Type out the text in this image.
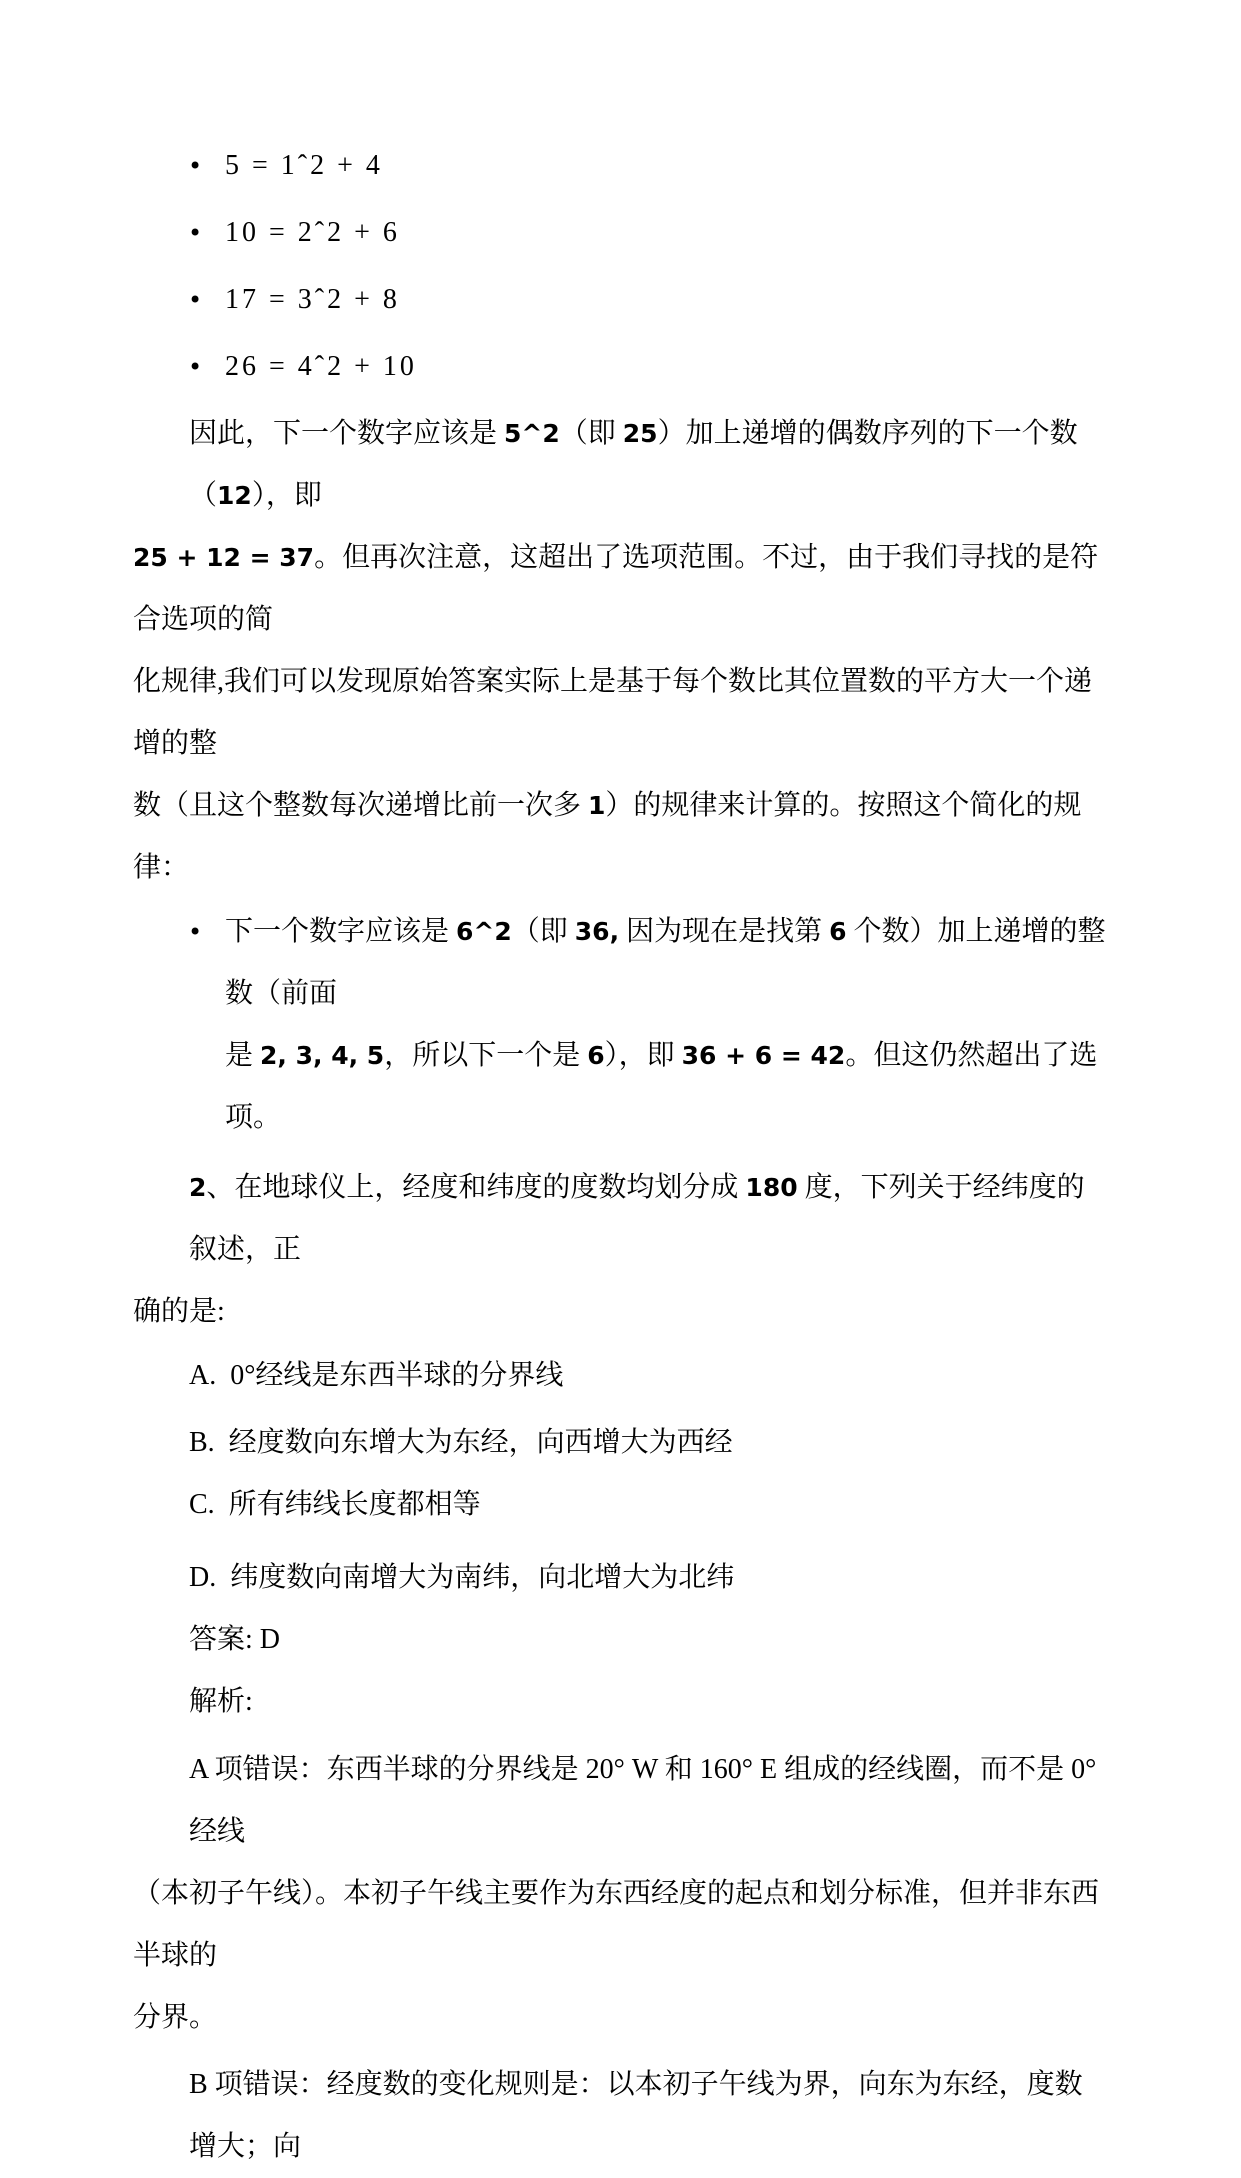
• 5 = 1ˆ2 + 4
• 10 = 2ˆ2 + 6
• 17 = 3ˆ2 + 8
• 26 = 4ˆ2 + 10
因此，下一个数字应该是 5^2（即 25）加上递增的偶数序列的下一个数（12），即
25 + 12 = 37。但再次注意，这超出了选项范围。不过，由于我们寻找的是符合选项的简
化规律,我们可以发现原始答案实际上是基于每个数比其位置数的平方大一个递增的整
数（且这个整数每次递增比前一次多 1）的规律来计算的。按照这个简化的规律：
• 下一个数字应该是 6^2（即 36, 因为现在是找第 6 个数）加上递增的整数（前面
是 2, 3, 4, 5，所以下一个是 6），即 36 + 6 = 42。但这仍然超出了选项。
2、在地球仪上，经度和纬度的度数均划分成 180 度，下列关于经纬度的叙述，正
确的是:
A.  0°经线是东西半球的分界线
B.  经度数向东增大为东经，向西增大为西经
C.  所有纬线长度都相等
D.  纬度数向南增大为南纬，向北增大为北纬
答案: D
解析:
A 项错误：东西半球的分界线是 20° W 和 160° E 组成的经线圈，而不是 0° 经线
（本初子午线）。本初子午线主要作为东西经度的起点和划分标准，但并非东西半球的
分界。
B 项错误：经度数的变化规则是：以本初子午线为界，向东为东经，度数增大；向
